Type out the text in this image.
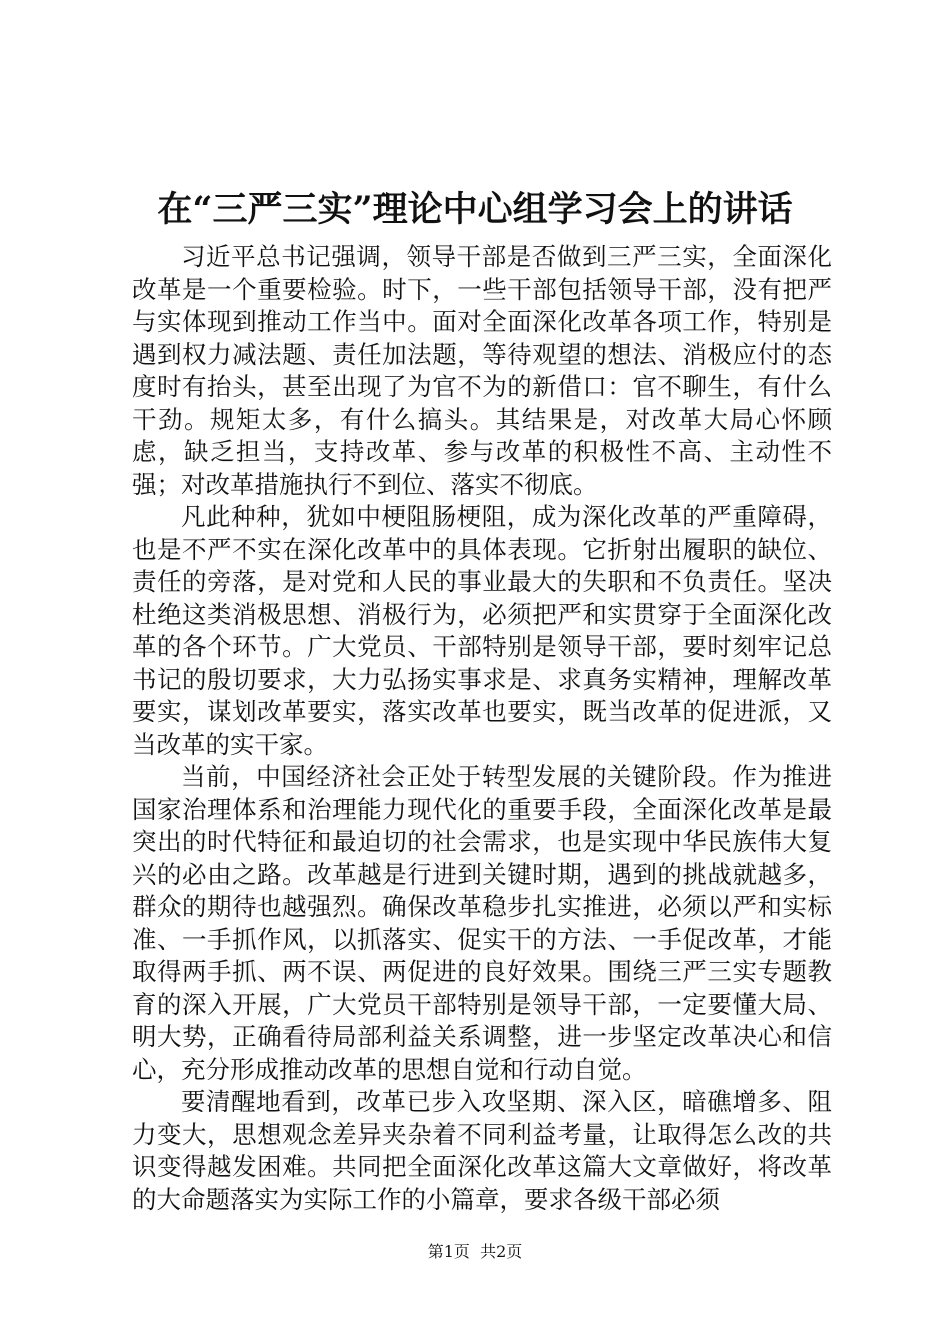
在“三严三实”理论中心组学习会上的讲话

习近平总书记强调，领导干部是否做到三严三实，全面深化改革是一个重要检验。时下，一些干部包括领导干部，没有把严与实体现到推动工作当中。面对全面深化改革各项工作，特别是遇到权力减法题、责任加法题，等待观望的想法、消极应付的态度时有抬头，甚至出现了为官不为的新借口：官不聊生，有什么干劲。规矩太多，有什么搞头。其结果是，对改革大局心怀顾虑，缺乏担当，支持改革、参与改革的积极性不高、主动性不强；对改革措施执行不到位、落实不彻底。

凡此种种，犹如中梗阻肠梗阻，成为深化改革的严重障碍，也是不严不实在深化改革中的具体表现。它折射出履职的缺位、责任的旁落，是对党和人民的事业最大的失职和不负责任。坚决杜绝这类消极思想、消极行为，必须把严和实贯穿于全面深化改革的各个环节。广大党员、干部特别是领导干部，要时刻牢记总书记的殷切要求，大力弘扬实事求是、求真务实精神，理解改革要实，谋划改革要实，落实改革也要实，既当改革的促进派，又当改革的实干家。

当前，中国经济社会正处于转型发展的关键阶段。作为推进国家治理体系和治理能力现代化的重要手段，全面深化改革是最突出的时代特征和最迫切的社会需求，也是实现中华民族伟大复兴的必由之路。改革越是行进到关键时期，遇到的挑战就越多，群众的期待也越强烈。确保改革稳步扎实推进，必须以严和实标准、一手抓作风，以抓落实、促实干的方法、一手促改革，才能取得两手抓、两不误、两促进的良好效果。围绕三严三实专题教育的深入开展，广大党员干部特别是领导干部，一定要懂大局、明大势，正确看待局部利益关系调整，进一步坚定改革决心和信心，充分形成推动改革的思想自觉和行动自觉。

要清醒地看到，改革已步入攻坚期、深入区，暗礁增多、阻力变大，思想观念差异夹杂着不同利益考量，让取得怎么改的共识变得越发困难。共同把全面深化改革这篇大文章做好，将改革的大命题落实为实际工作的小篇章，要求各级干部必须

第1页  共2页
